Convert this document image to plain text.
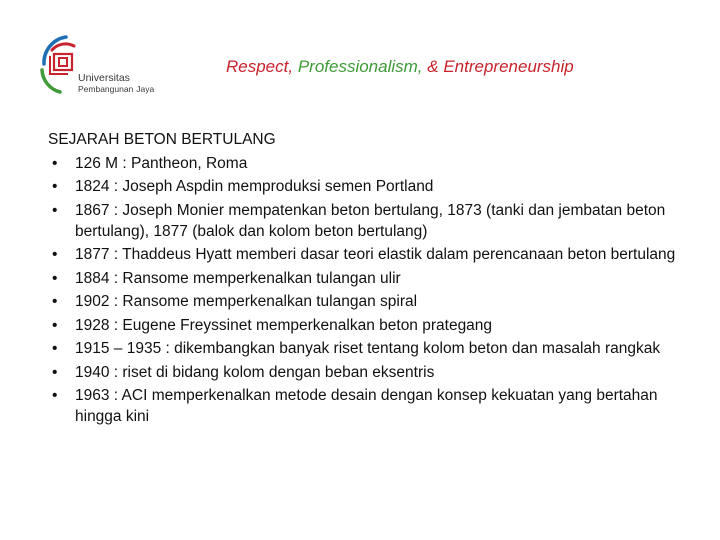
Universitas
Pembangunan Jaya
Respect, Professionalism, & Entrepreneurship
SEJARAH BETON BERTULANG
• 126 M : Pantheon, Roma
• 1824 : Joseph Aspdin memproduksi semen Portland
• 1867 : Joseph Monier mempatenkan beton bertulang, 1873 (tanki dan jembatan beton bertulang), 1877 (balok dan kolom beton bertulang)
• 1877 : Thaddeus Hyatt memberi dasar teori elastik dalam perencanaan beton bertulang
• 1884 : Ransome memperkenalkan tulangan ulir
• 1902 : Ransome memperkenalkan tulangan spiral
• 1928 : Eugene Freyssinet memperkenalkan beton prategang
• 1915 – 1935 : dikembangkan banyak riset tentang kolom beton dan masalah rangkak
• 1940 : riset di bidang kolom dengan beban eksentris
• 1963 : ACI memperkenalkan metode desain dengan konsep kekuatan yang bertahan hingga kini
